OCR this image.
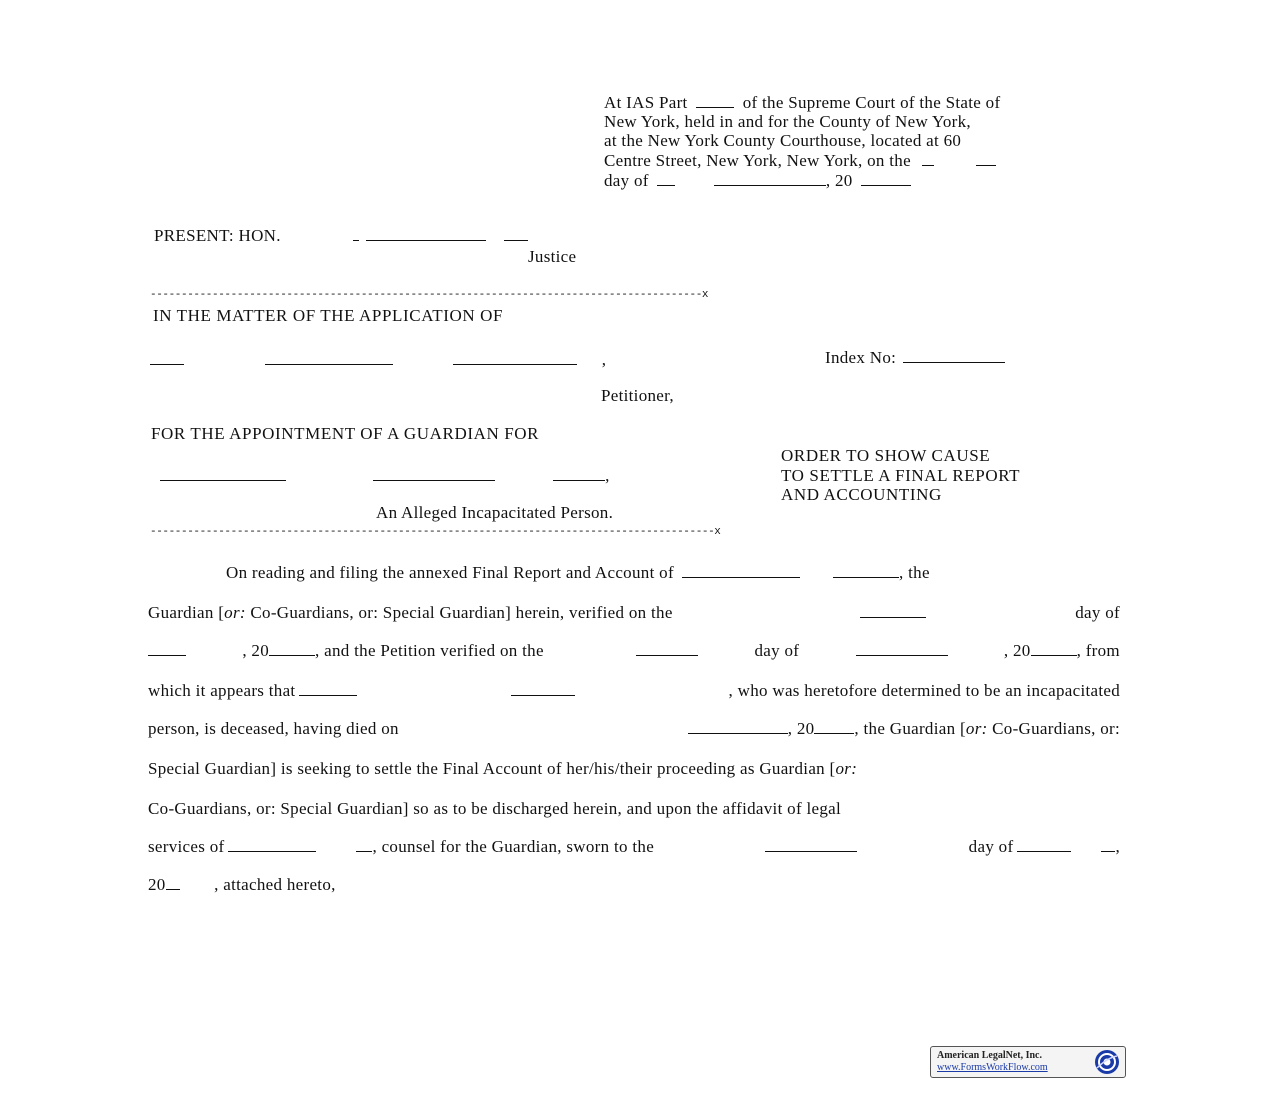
At IAS Part	of the Supreme Court of the State of
New York, held in and for the County of New York,
at the New York County Courthouse, located at 60
Centre Street, New York, New York, on the
day of	, 20
PRESENT: HON.
Justice
-----------------------------------------------------------------------------------------x
IN THE MATTER OF THE APPLICATION OF
,	Index No:
Petitioner,
FOR THE APPOINTMENT OF A GUARDIAN FOR
,
An Alleged Incapacitated Person.
-------------------------------------------------------------------------------------------x
ORDER TO SHOW CAUSE
TO SETTLE A FINAL REPORT
AND ACCOUNTING
On reading and filing the annexed Final Report and Account of	, the
Guardian [or: Co-Guardians, or: Special Guardian] herein, verified on the	day of
, 20	, and the Petition verified on the	day of	, 20	, from
which it appears that	, who was heretofore determined to be an incapacitated
person, is deceased, having died on	, 20 , the Guardian [or: Co-Guardians, or:
Special Guardian] is seeking to settle the Final Account of her/his/their proceeding as Guardian [or:
Co-Guardians, or: Special Guardian] so as to be discharged herein, and upon the affidavit of legal
services of	, counsel for the Guardian, sworn to the	day of	,
20	, attached hereto,
American LegalNet, Inc.
www.FormsWorkFlow.com
